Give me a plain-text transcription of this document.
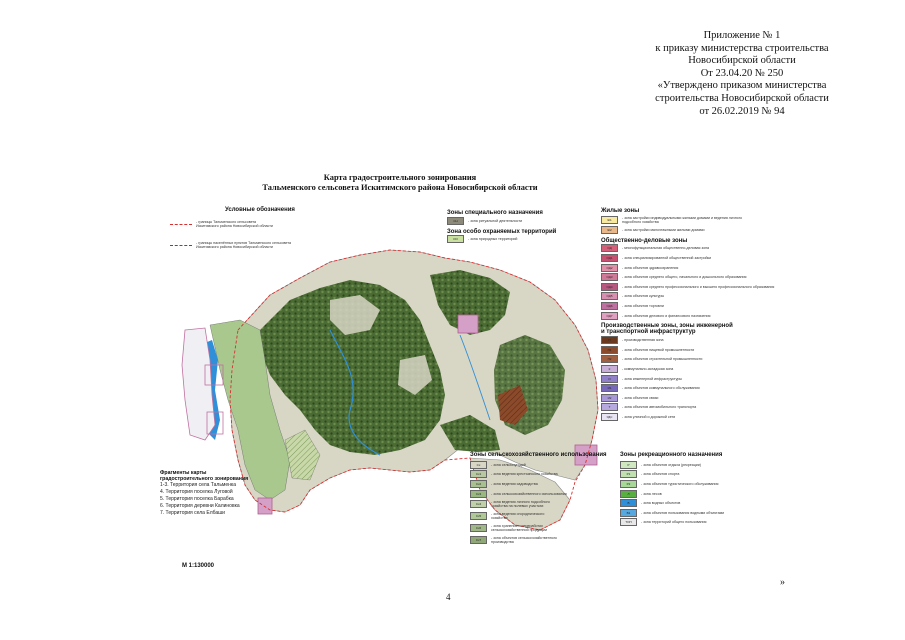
Приложение № 1
к приказу министерства строительства
Новосибирской области
От 23.04.20 № 250
«Утверждено приказом министерства
строительства Новосибирской области
от 26.02.2019 № 94
Карта градостроительного зонирования
Тальменского сельсовета Искитимского района Новосибирской области
Условные обозначения
- границы Тальменского сельсовета
Искитимского района Новосибирской области
- границы населённых пунктов Тальменского сельсовета
Искитимского района Новосибирской области
Зоны специального назначения
СН	- зона ритуальной деятельности
Зона особо охраняемых территорий
ОО	- зона природных территорий
Жилые зоны
Ж1	- зона застройки индивидуальными жилыми домами и ведения личного подсобного хозяйства
Ж2	- зона застройки малоэтажными жилыми домами
Общественно-деловые зоны
ОД	- многофункциональная общественно-деловая зона
ОД1	- зона специализированной общественной застройки
ОД2	- зона объектов здравоохранения
ОД3	- зона объектов среднего общего, начального и дошкольного образования
ОД4	- зона объектов среднего профессионального и высшего профессионального образования
ОД5	- зона объектов культуры
ОД6	- зона объектов торговли
ОД7	- зона объектов делового и финансового назначения
Производственные зоны, зоны инженерной
и транспортной инфраструктур
П	- производственная зона
П1	- зона объектов пищевой промышленности
П2	- зона объектов строительной промышленности
К	- коммунально-складская зона
И	- зона инженерной инфраструктуры
И1	- зона объектов коммунального обслуживания
И2	- зона объектов связи
Т	- зона объектов автомобильного транспорта
УДС	- зона уличной и дорожной сети
Зоны сельскохозяйственного использования
Сх	- зона сельхозугодий
Сх1	- зона ведения крестьянского хозяйства
Сх2	- зона ведения садоводства
Сх3	- зона сельскохозяйственного использования
Сх4	- зона ведения личного подсобного
хозяйства на полевых участках
Сх5	- зона ведения огороднического
хозяйства
Сх6	- зона хранения и переработки
сельскохозяйственной продукции
Сх7	- зона объектов сельскохозяйственного
производства
Зоны рекреационного назначения
Р	- зона объектов отдыха (рекреации)
Р1	- зона объектов спорта
Р2	- зона объектов туристического обслуживания
Л	- зона лесов
В	- зона водных объектов
В1	- зона объектов пользования водными объектами
ТОП	- зона территорий общего пользования
Фрагменты карты
градостроительного зонирования
1-3. Территория села Тальменка
4. Территория поселка Луговой
5. Территория поселка Барабка
6. Территория деревни Калиновка
7. Территория села Елбаши
М 1:130000
»
4
